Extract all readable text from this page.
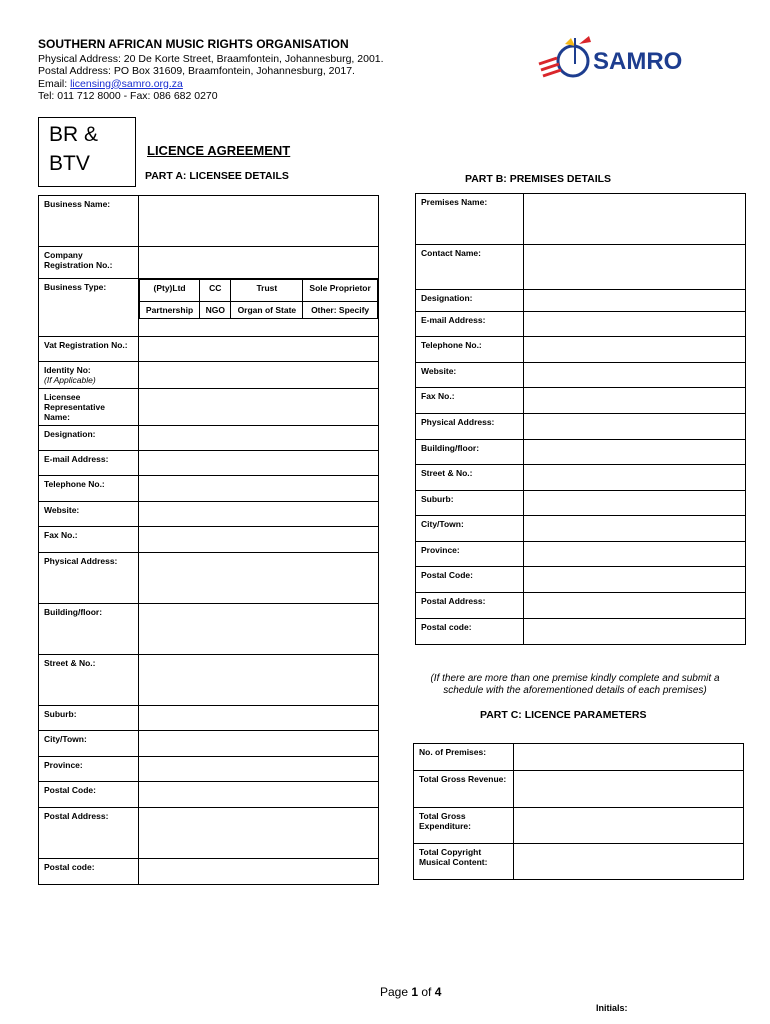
SOUTHERN AFRICAN MUSIC RIGHTS ORGANISATION
Physical Address: 20 De Korte Street, Braamfontein, Johannesburg, 2001.
Postal Address: PO Box 31609, Braamfontein, Johannesburg, 2017.
Email: licensing@samro.org.za
Tel: 011 712 8000 - Fax: 086 682 0270
SAMRO
BR &
BTV
LICENCE AGREEMENT
PART A: LICENSEE DETAILS	PART B: PREMISES DETAILS
Business Name:	
Company Registration No.:	
Business Type:		(Pty)Ltd	CC	Trust	Sole Proprietor
Partnership	NGO	Organ of State	Other: Specify

Vat Registration No.:	

Identity No:
(If Applicable)

Licensee Representative Name:	
Designation:	
E-mail Address:	
Telephone No.:	
Website:	
Fax No.:	
Physical Address:	
Building/floor:	
Street & No.:	
Suburb:	
City/Town:	
Province:	
Postal Code:	
Postal Address:	
Postal code:	
Premises Name:	
Contact Name:	
Designation:	
E-mail Address:	
Telephone No.:	
Website:	
Fax No.:	
Physical Address:	
Building/floor:	
Street & No.:	
Suburb:	
City/Town:	
Province:	
Postal Code:	
Postal Address:	
Postal code:	
(If there are more than one premise kindly complete and submit a schedule with the aforementioned details of each premises)
PART C: LICENCE PARAMETERS
No. of Premises:	
Total Gross Revenue:	
Total Gross Expenditure:	
Total Copyright Musical Content:	
Page 1 of 4
Initials:
